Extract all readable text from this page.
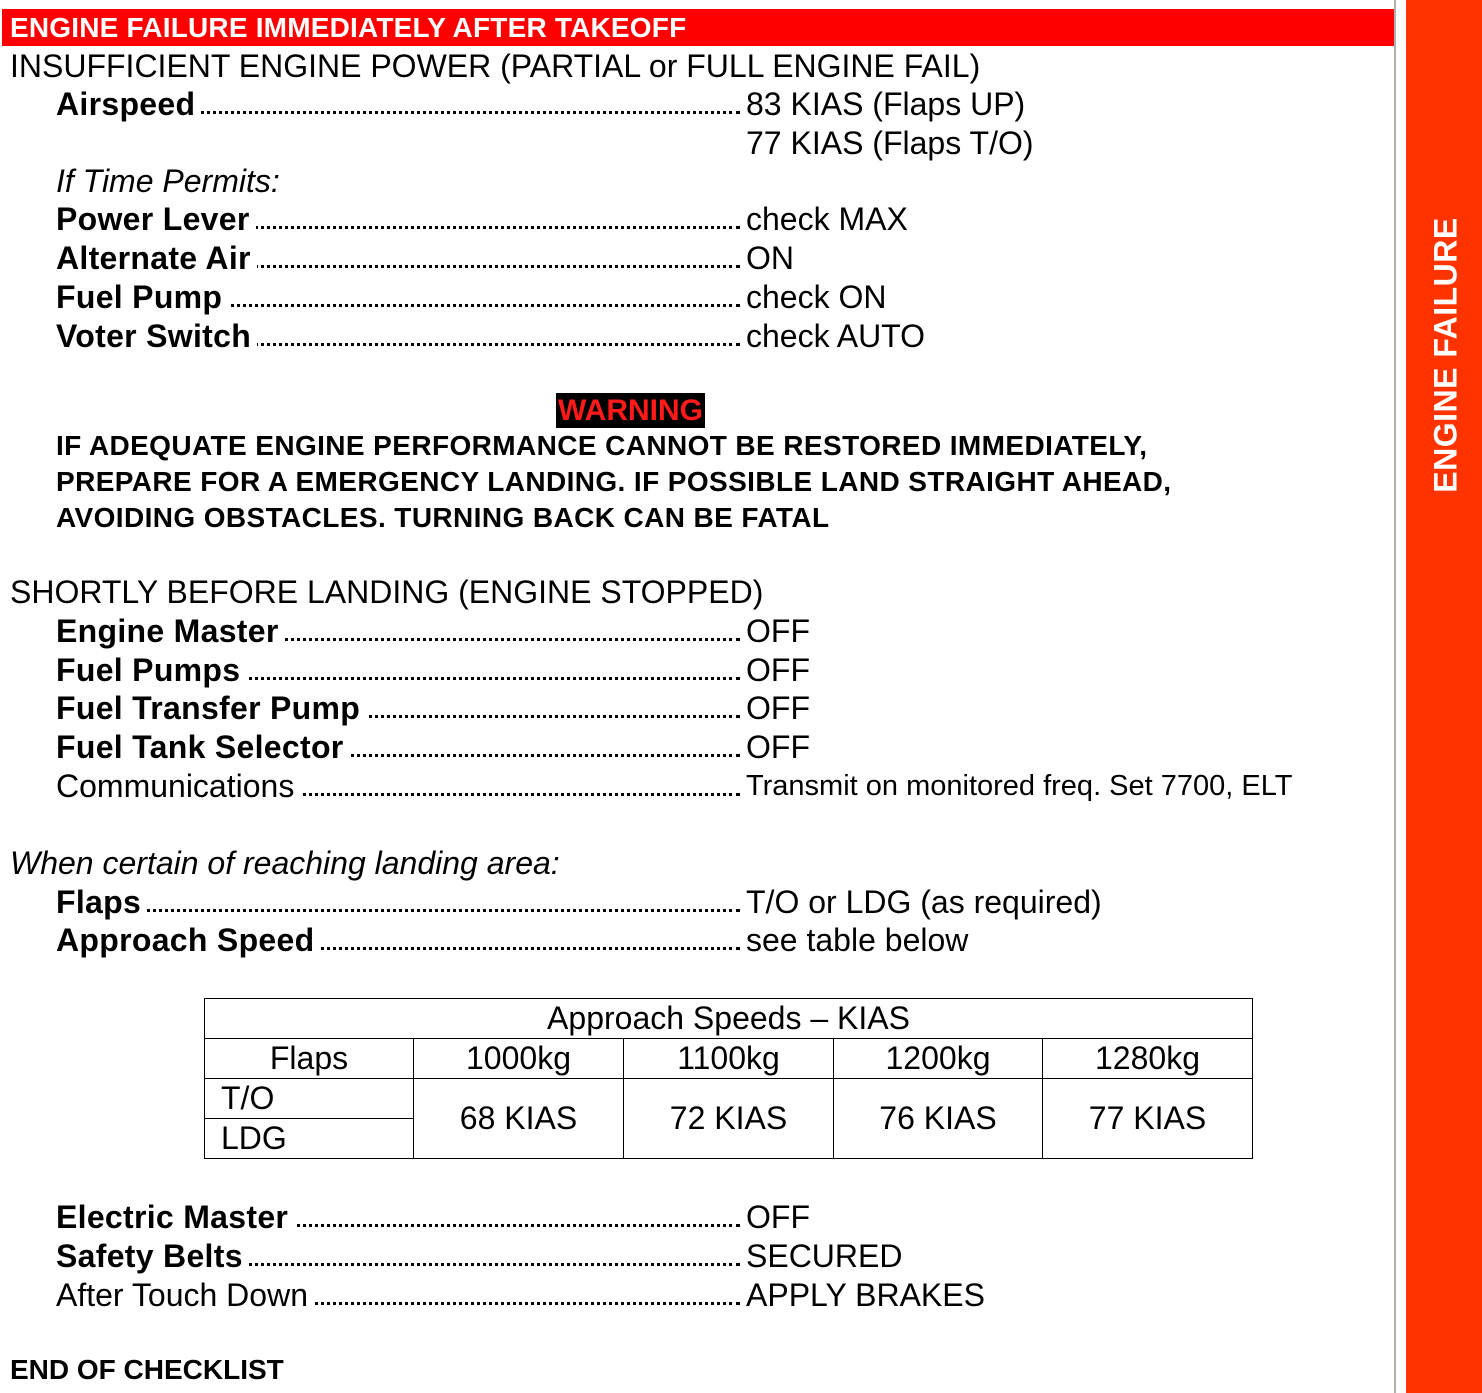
ENGINE FAILURE IMMEDIATELY AFTER TAKEOFF
ENGINE FAILURE
INSUFFICIENT ENGINE POWER (PARTIAL or FULL ENGINE FAIL)
Airspeed	83 KIAS (Flaps UP)
77 KIAS (Flaps T/O)
If Time Permits:
Power Lever	check MAX
Alternate Air	ON
Fuel Pump	check ON
Voter Switch	check AUTO
WARNING
IF ADEQUATE ENGINE PERFORMANCE CANNOT BE RESTORED IMMEDIATELY,
PREPARE FOR A EMERGENCY LANDING. IF POSSIBLE LAND STRAIGHT AHEAD,
AVOIDING OBSTACLES. TURNING BACK CAN BE FATAL
SHORTLY BEFORE LANDING (ENGINE STOPPED)
Engine Master	OFF
Fuel Pumps	OFF
Fuel Transfer Pump	OFF
Fuel Tank Selector	OFF
Communications	Transmit on monitored freq. Set 7700, ELT
When certain of reaching landing area:
Flaps	T/O or LDG (as required)
Approach Speed	see table below
Approach Speeds – KIAS				
Flaps	1000kg	1100kg	1200kg	1280kg
T/O	68 KIAS	72 KIAS	76 KIAS	77 KIAS
LDG				
Electric Master	OFF
Safety Belts	SECURED
After Touch Down	APPLY BRAKES
END OF CHECKLIST
